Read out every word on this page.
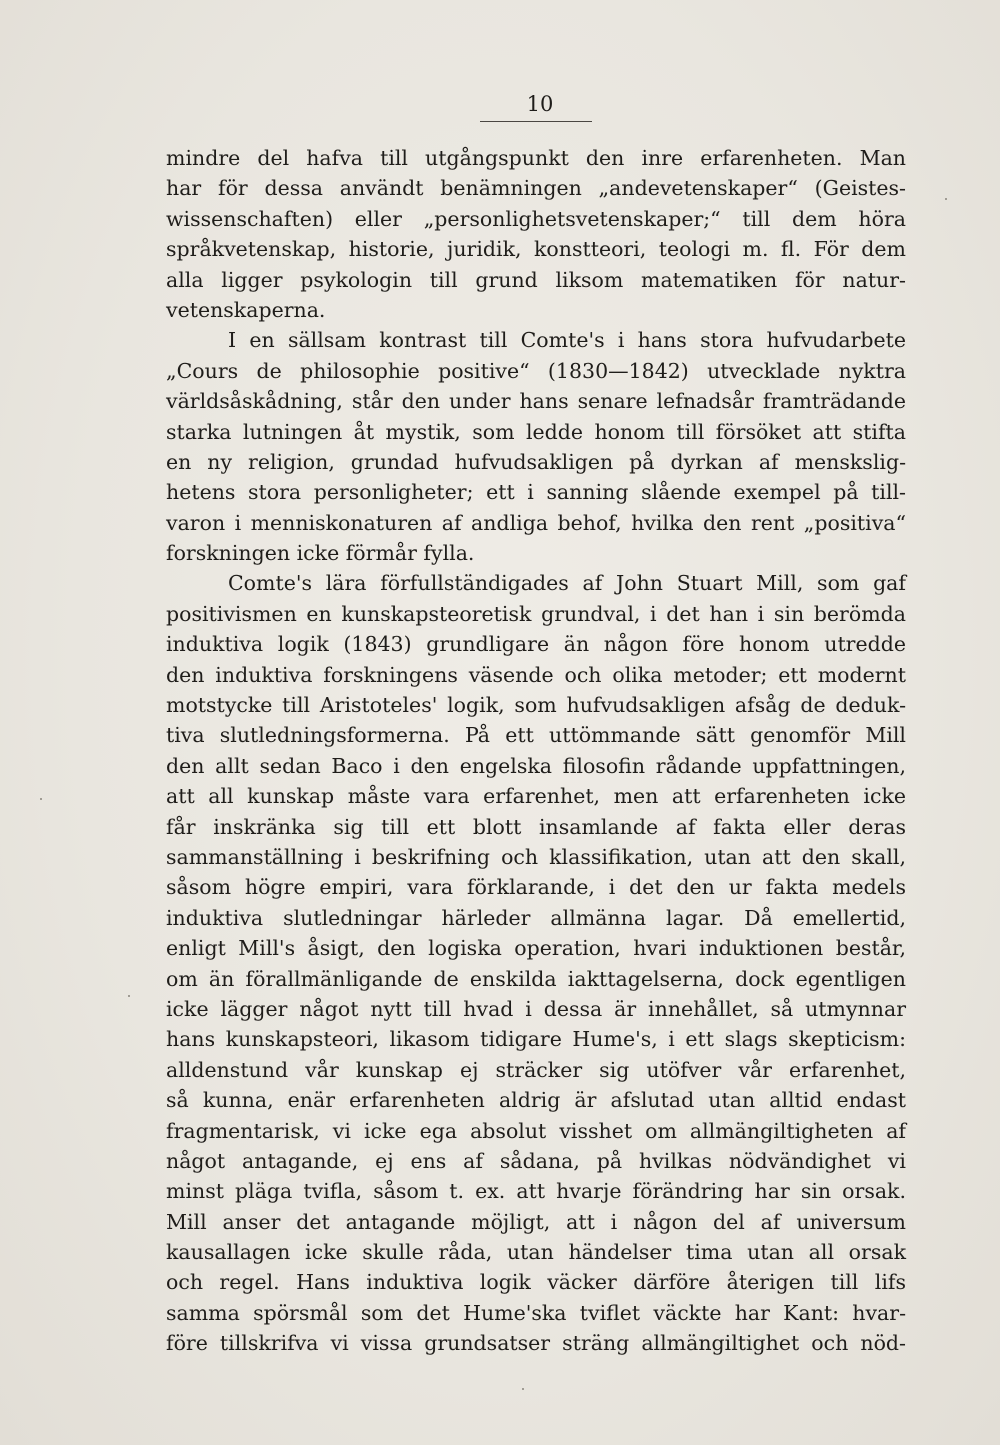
10
mindre del hafva till utgångspunkt den inre erfarenheten. Man
har för dessa användt benämningen „andevetenskaper“ (Geistes-
wissenschaften) eller „personlighetsvetenskaper;“ till dem höra
språkvetenskap, historie, juridik, konstteori, teologi m. fl. För dem
alla ligger psykologin till grund liksom matematiken för natur-
vetenskaperna.
I en sällsam kontrast till Comte's i hans stora hufvudarbete
„Cours de philosophie positive“ (1830—1842) utvecklade nyktra
världsåskådning, står den under hans senare lefnadsår framträdande
starka lutningen åt mystik, som ledde honom till försöket att stifta
en ny religion, grundad hufvudsakligen på dyrkan af menskslig-
hetens stora personligheter; ett i sanning slående exempel på till-
varon i menniskonaturen af andliga behof, hvilka den rent „positiva“
forskningen icke förmår fylla.
Comte's lära förfullständigades af John Stuart Mill, som gaf
positivismen en kunskapsteoretisk grundval, i det han i sin berömda
induktiva logik (1843) grundligare än någon före honom utredde
den induktiva forskningens väsende och olika metoder; ett modernt
motstycke till Aristoteles' logik, som hufvudsakligen afsåg de deduk-
tiva slutledningsformerna. På ett uttömmande sätt genomför Mill
den allt sedan Baco i den engelska filosofin rådande uppfattningen,
att all kunskap måste vara erfarenhet, men att erfarenheten icke
får inskränka sig till ett blott insamlande af fakta eller deras
sammanställning i beskrifning och klassifikation, utan att den skall,
såsom högre empiri, vara förklarande, i det den ur fakta medels
induktiva slutledningar härleder allmänna lagar. Då emellertid,
enligt Mill's åsigt, den logiska operation, hvari induktionen består,
om än förallmänligande de enskilda iakttagelserna, dock egentligen
icke lägger något nytt till hvad i dessa är innehållet, så utmynnar
hans kunskapsteori, likasom tidigare Hume's, i ett slags skepticism:
alldenstund vår kunskap ej sträcker sig utöfver vår erfarenhet,
så kunna, enär erfarenheten aldrig är afslutad utan alltid endast
fragmentarisk, vi icke ega absolut visshet om allmängiltigheten af
något antagande, ej ens af sådana, på hvilkas nödvändighet vi
minst pläga tvifla, såsom t. ex. att hvarje förändring har sin orsak.
Mill anser det antagande möjligt, att i någon del af universum
kausallagen icke skulle råda, utan händelser tima utan all orsak
och regel. Hans induktiva logik väcker därföre återigen till lifs
samma spörsmål som det Hume'ska tviflet väckte har Kant: hvar-
före tillskrifva vi vissa grundsatser sträng allmängiltighet och nöd-
